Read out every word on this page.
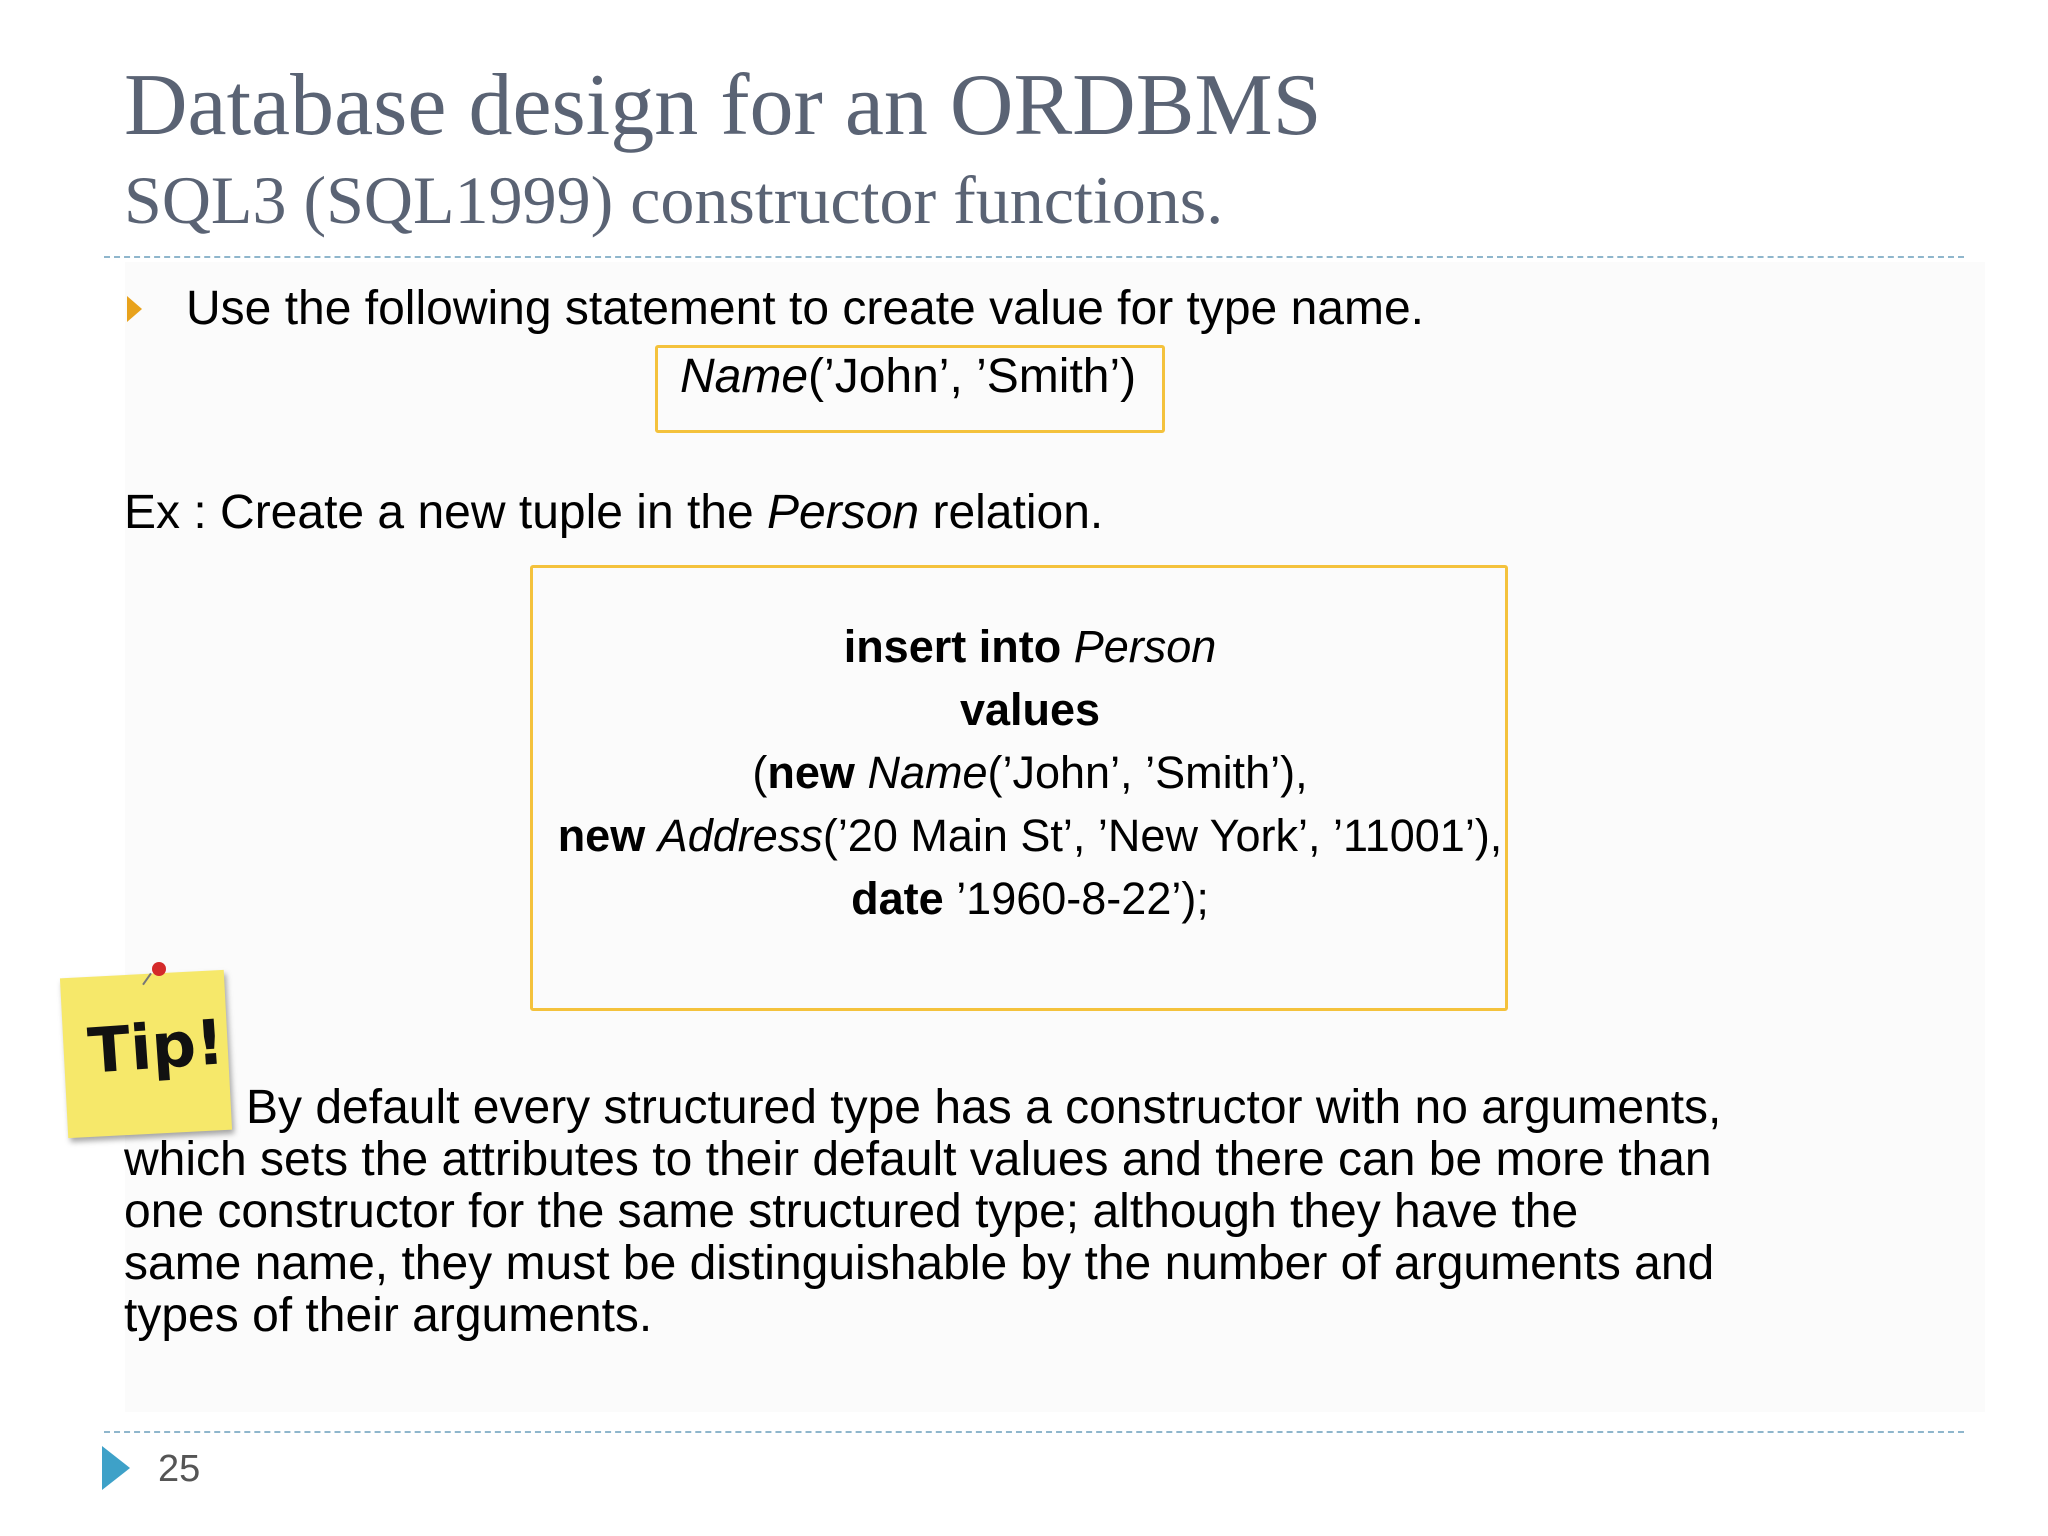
Database design for an ORDBMS
SQL3 (SQL1999) constructor functions.
Use the following statement to create value for type name.
Name(’John’, ’Smith’)
Ex : Create a new tuple in the Person relation.
insert into Person
values
(new Name(’John’, ’Smith’),
new Address(’20 Main St’, ’New York’, ’11001’),
date ’1960-8-22’);
Tip!
By default every structured type has a constructor with no arguments,
which sets the attributes to their default values and there can be more than
one constructor for the same structured type; although they have the
same name, they must be distinguishable by the number of arguments and
types of their arguments.
25
